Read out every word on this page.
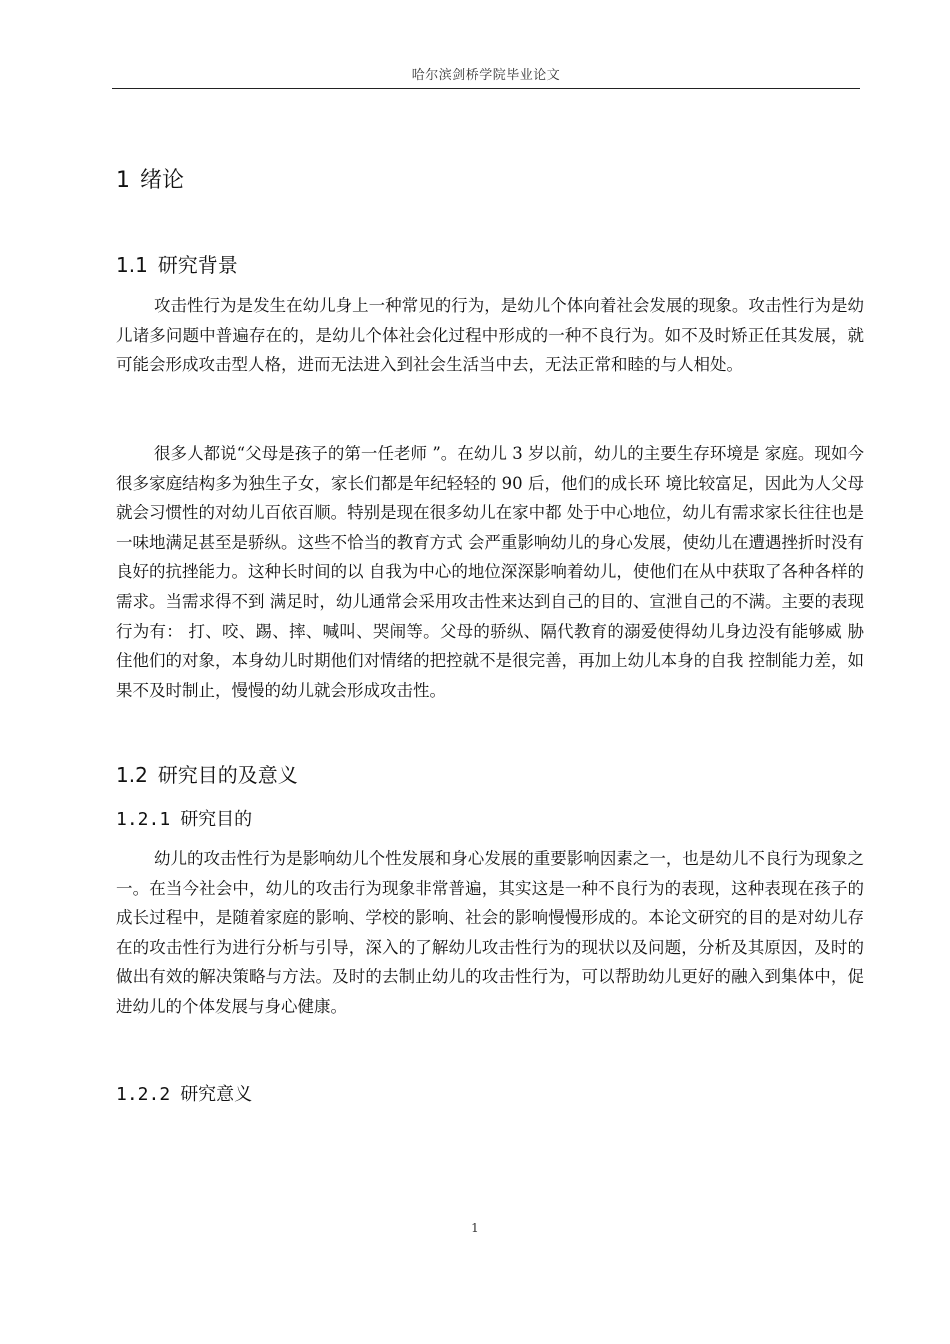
哈尔滨剑桥学院毕业论文
1 绪论
1.1 研究背景

攻击性行为是发生在幼儿身上一种常见的行为，是幼儿个体向着社会发展的现象。攻击性行为是幼儿诸多问题中普遍存在的，是幼儿个体社会化过程中形成的一种不良行为。如不及时矫正任其发展，就可能会形成攻击型人格，进而无法进入到社会生活当中去，无法正常和睦的与人相处。

很多人都说“父母是孩子的第一任老师 ”。在幼儿 3 岁以前，幼儿的主要生存环境是 家庭。现如今很多家庭结构多为独生子女，家长们都是年纪轻轻的 90 后，他们的成长环 境比较富足，因此为人父母就会习惯性的对幼儿百依百顺。特别是现在很多幼儿在家中都 处于中心地位，幼儿有需求家长往往也是一味地满足甚至是骄纵。这些不恰当的教育方式 会严重影响幼儿的身心发展，使幼儿在遭遇挫折时没有良好的抗挫能力。这种长时间的以 自我为中心的地位深深影响着幼儿，使他们在从中获取了各种各样的需求。当需求得不到 满足时，幼儿通常会采用攻击性来达到自己的目的、宣泄自己的不满。主要的表现行为有： 打、咬、踢、摔、喊叫、哭闹等。父母的骄纵、隔代教育的溺爱使得幼儿身边没有能够威 胁住他们的对象，本身幼儿时期他们对情绪的把控就不是很完善，再加上幼儿本身的自我 控制能力差，如果不及时制止，慢慢的幼儿就会形成攻击性。

1.2 研究目的及意义
1.2.1 研究目的

幼儿的攻击性行为是影响幼儿个性发展和身心发展的重要影响因素之一，也是幼儿不良行为现象之一。在当今社会中，幼儿的攻击行为现象非常普遍，其实这是一种不良行为的表现，这种表现在孩子的成长过程中，是随着家庭的影响、学校的影响、社会的影响慢慢形成的。本论文研究的目的是对幼儿存在的攻击性行为进行分析与引导，深入的了解幼儿攻击性行为的现状以及问题，分析及其原因，及时的做出有效的解决策略与方法。及时的去制止幼儿的攻击性行为，可以帮助幼儿更好的融入到集体中，促进幼儿的个体发展与身心健康。

1.2.2 研究意义
1
